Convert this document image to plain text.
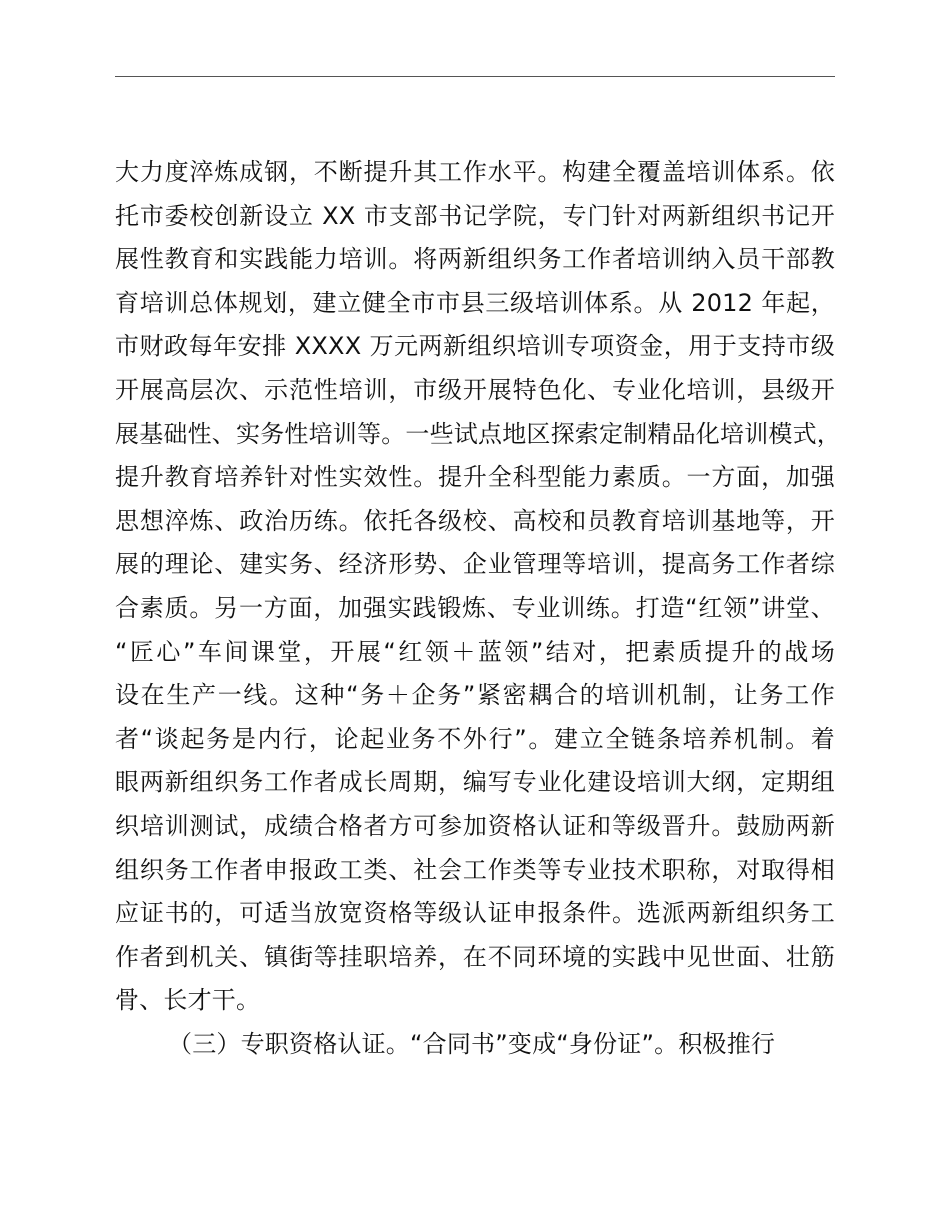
大力度淬炼成钢，不断提升其工作水平。构建全覆盖培训体系。依
托市委校创新设立 XX 市支部书记学院，专门针对两新组织书记开
展性教育和实践能力培训。将两新组织务工作者培训纳入员干部教
育培训总体规划，建立健全市市县三级培训体系。从 2012 年起，
市财政每年安排 XXXX 万元两新组织培训专项资金，用于支持市级
开展高层次、示范性培训，市级开展特色化、专业化培训，县级开
展基础性、实务性培训等。一些试点地区探索定制精品化培训模式，
提升教育培养针对性实效性。提升全科型能力素质。一方面，加强
思想淬炼、政治历练。依托各级校、高校和员教育培训基地等，开
展的理论、建实务、经济形势、企业管理等培训，提高务工作者综
合素质。另一方面，加强实践锻炼、专业训练。打造“红领”讲堂、
“匠心”车间课堂，开展“红领＋蓝领”结对，把素质提升的战场
设在生产一线。这种“务＋企务”紧密耦合的培训机制，让务工作
者“谈起务是内行，论起业务不外行”。建立全链条培养机制。着
眼两新组织务工作者成长周期，编写专业化建设培训大纲，定期组
织培训测试，成绩合格者方可参加资格认证和等级晋升。鼓励两新
组织务工作者申报政工类、社会工作类等专业技术职称，对取得相
应证书的，可适当放宽资格等级认证申报条件。选派两新组织务工
作者到机关、镇街等挂职培养，在不同环境的实践中见世面、壮筋
骨、长才干。
（三）专职资格认证。“合同书”变成“身份证”。积极推行
